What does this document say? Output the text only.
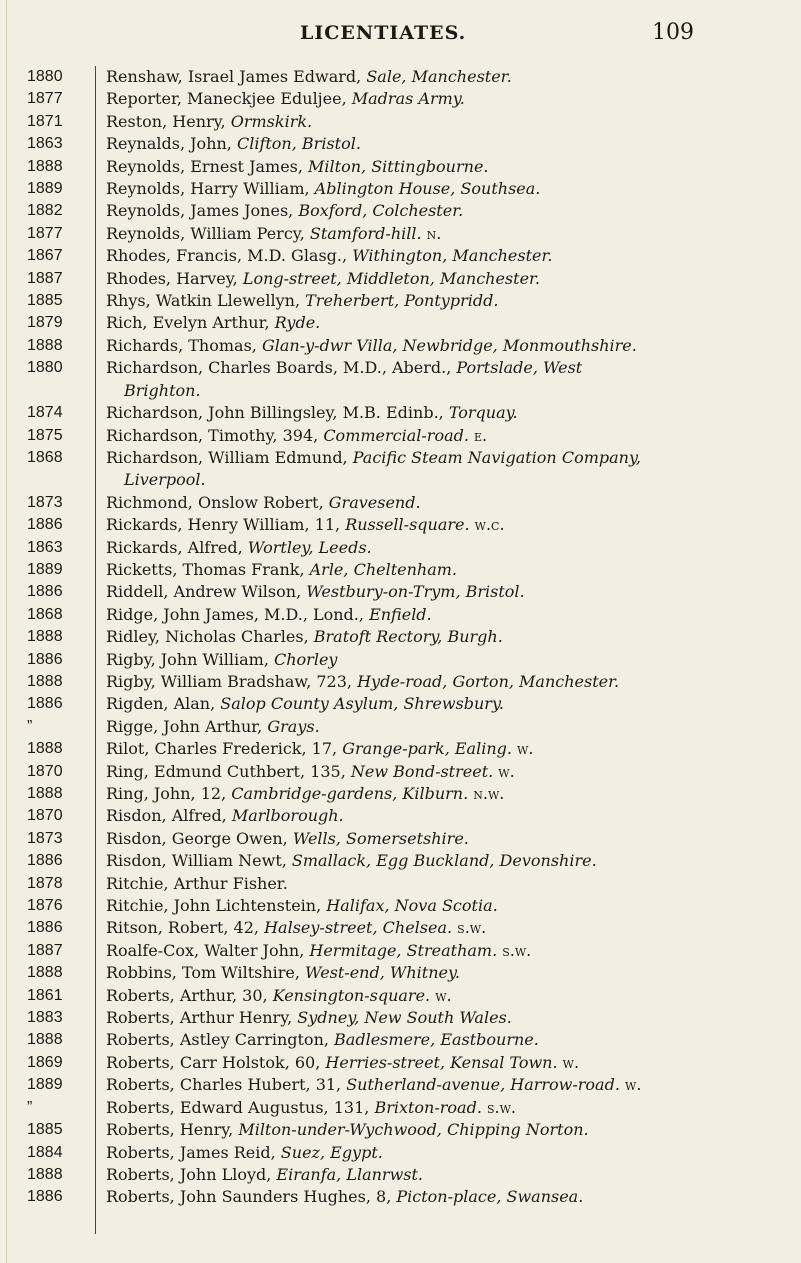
LICENTIATES.	109
1880	Renshaw, Israel James Edward, Sale, Manchester.
1877	Reporter, Maneckjee Eduljee, Madras Army.
1871	Reston, Henry, Ormskirk.
1863	Reynalds, John, Clifton, Bristol.
1888	Reynolds, Ernest James, Milton, Sittingbourne.
1889	Reynolds, Harry William, Ablington House, Southsea.
1882	Reynolds, James Jones, Boxford, Colchester.
1877	Reynolds, William Percy, Stamford-hill. n.
1867	Rhodes, Francis, M.D. Glasg., Withington, Manchester.
1887	Rhodes, Harvey, Long-street, Middleton, Manchester.
1885	Rhys, Watkin Llewellyn, Treherbert, Pontypridd.
1879	Rich, Evelyn Arthur, Ryde.
1888	Richards, Thomas, Glan-y-dwr Villa, Newbridge, Monmouthshire.
1880	Richardson, Charles Boards, M.D., Aberd., Portslade, West
Brighton.
1874	Richardson, John Billingsley, M.B. Edinb., Torquay.
1875	Richardson, Timothy, 394, Commercial-road. e.
1868	Richardson, William Edmund, Pacific Steam Navigation Company,
Liverpool.
1873	Richmond, Onslow Robert, Gravesend.
1886	Rickards, Henry William, 11, Russell-square. w.c.
1863	Rickards, Alfred, Wortley, Leeds.
1889	Ricketts, Thomas Frank, Arle, Cheltenham.
1886	Riddell, Andrew Wilson, Westbury-on-Trym, Bristol.
1868	Ridge, John James, M.D., Lond., Enfield.
1888	Ridley, Nicholas Charles, Bratoft Rectory, Burgh.
1886	Rigby, John William, Chorley
1888	Rigby, William Bradshaw, 723, Hyde-road, Gorton, Manchester.
1886	Rigden, Alan, Salop County Asylum, Shrewsbury.
”	Rigge, John Arthur, Grays.
1888	Rilot, Charles Frederick, 17, Grange-park, Ealing. w.
1870	Ring, Edmund Cuthbert, 135, New Bond-street. w.
1888	Ring, John, 12, Cambridge-gardens, Kilburn. n.w.
1870	Risdon, Alfred, Marlborough.
1873	Risdon, George Owen, Wells, Somersetshire.
1886	Risdon, William Newt, Smallack, Egg Buckland, Devonshire.
1878	Ritchie, Arthur Fisher.
1876	Ritchie, John Lichtenstein, Halifax, Nova Scotia.
1886	Ritson, Robert, 42, Halsey-street, Chelsea. s.w.
1887	Roalfe-Cox, Walter John, Hermitage, Streatham. s.w.
1888	Robbins, Tom Wiltshire, West-end, Whitney.
1861	Roberts, Arthur, 30, Kensington-square. w.
1883	Roberts, Arthur Henry, Sydney, New South Wales.
1888	Roberts, Astley Carrington, Badlesmere, Eastbourne.
1869	Roberts, Carr Holstok, 60, Herries-street, Kensal Town. w.
1889	Roberts, Charles Hubert, 31, Sutherland-avenue, Harrow-road. w.
”	Roberts, Edward Augustus, 131, Brixton-road. s.w.
1885	Roberts, Henry, Milton-under-Wychwood, Chipping Norton.
1884	Roberts, James Reid, Suez, Egypt.
1888	Roberts, John Lloyd, Eiranfa, Llanrwst.
1886	Roberts, John Saunders Hughes, 8, Picton-place, Swansea.
